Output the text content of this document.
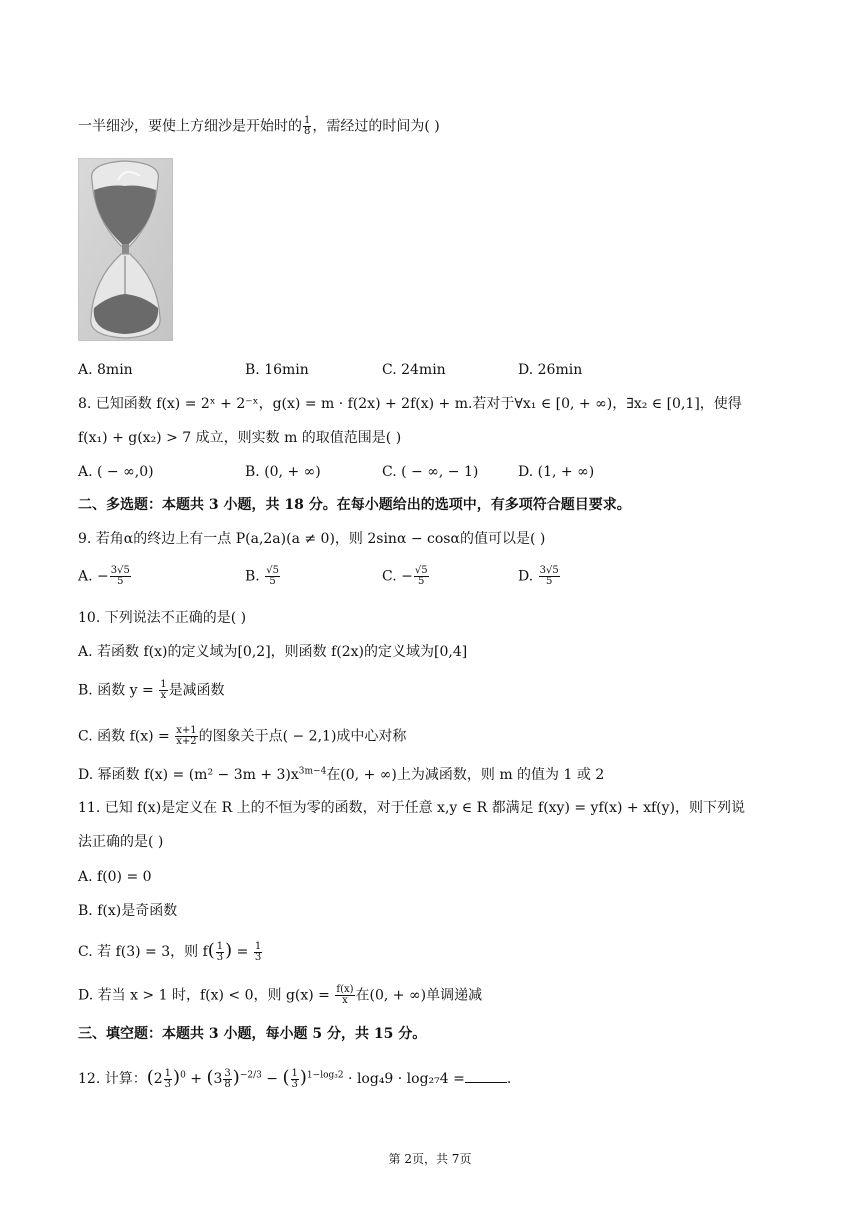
一半细沙，要使上方细沙是开始时的 $\frac{1}{8}$ ，需经过的时间为( )
A. 8min	B. 16min	C. 24min	D. 26min
8. 已知函数 f(x) = 2ˣ + 2⁻ˣ，g(x) = m · f(2x) + 2f(x) + m.若对于∀x₁ ∈ [0, + ∞)，∃x₂ ∈ [0,1]，使得
f(x₁) + g(x₂) > 7 成立，则实数 m 的取值范围是( )
A. ( − ∞,0)	B. (0, + ∞)	C. ( − ∞, − 1)	D. (1, + ∞)
二、多选题：本题共 3 小题，共 18 分。在每小题给出的选项中，有多项符合题目要求。
9. 若角α的终边上有一点 P(a,2a)(a ≠ 0)，则 2sinα − cosα的值可以是( )
A. − $\frac{3√5}{5}$	B. $\frac{√5}{5}$	C. − $\frac{√5}{5}$	D. $\frac{3√5}{5}$
10. 下列说法不正确的是( )
A. 若函数 f(x)的定义域为[0,2]，则函数 f(2x)的定义域为[0,4]
B. 函数 $y = \frac{1}{x}$ 是减函数
C. 函数 $f(x) = \frac{x+1}{x+2}$ 的图象关于点( − 2,1)成中心对称
D. 幂函数 $f(x) = (m^2 - 3m + 3)x^{3m-4}$在(0, + ∞)上为减函数，则 m 的值为 1 或 2
11. 已知 f(x)是定义在 R 上的不恒为零的函数，对于任意 x,y ∈ R 都满足 f(xy) = yf(x) + xf(y)，则下列说
法正确的是( )
A. f(0) = 0
B. f(x)是奇函数
C. 若 f(3) = 3，则 $f( \frac{1}{3}$ ) = $\frac{1}{3}$
D. 若当 x > 1 时，f(x) < 0，则 $g(x) = \frac{f(x)}{x}$ 在(0, + ∞)单调递减
三、填空题：本题共 3 小题，每小题 5 分，共 15 分。
12. 计算：$(2 \frac{1}{3} )^0 + (3 \frac{3}{8} )^{-2/3}$ − ( $\frac{1}{3} )^{1-log_32} \cdot \log_49 \cdot \log_{27}4$ =	.
第 2页，共 7页
